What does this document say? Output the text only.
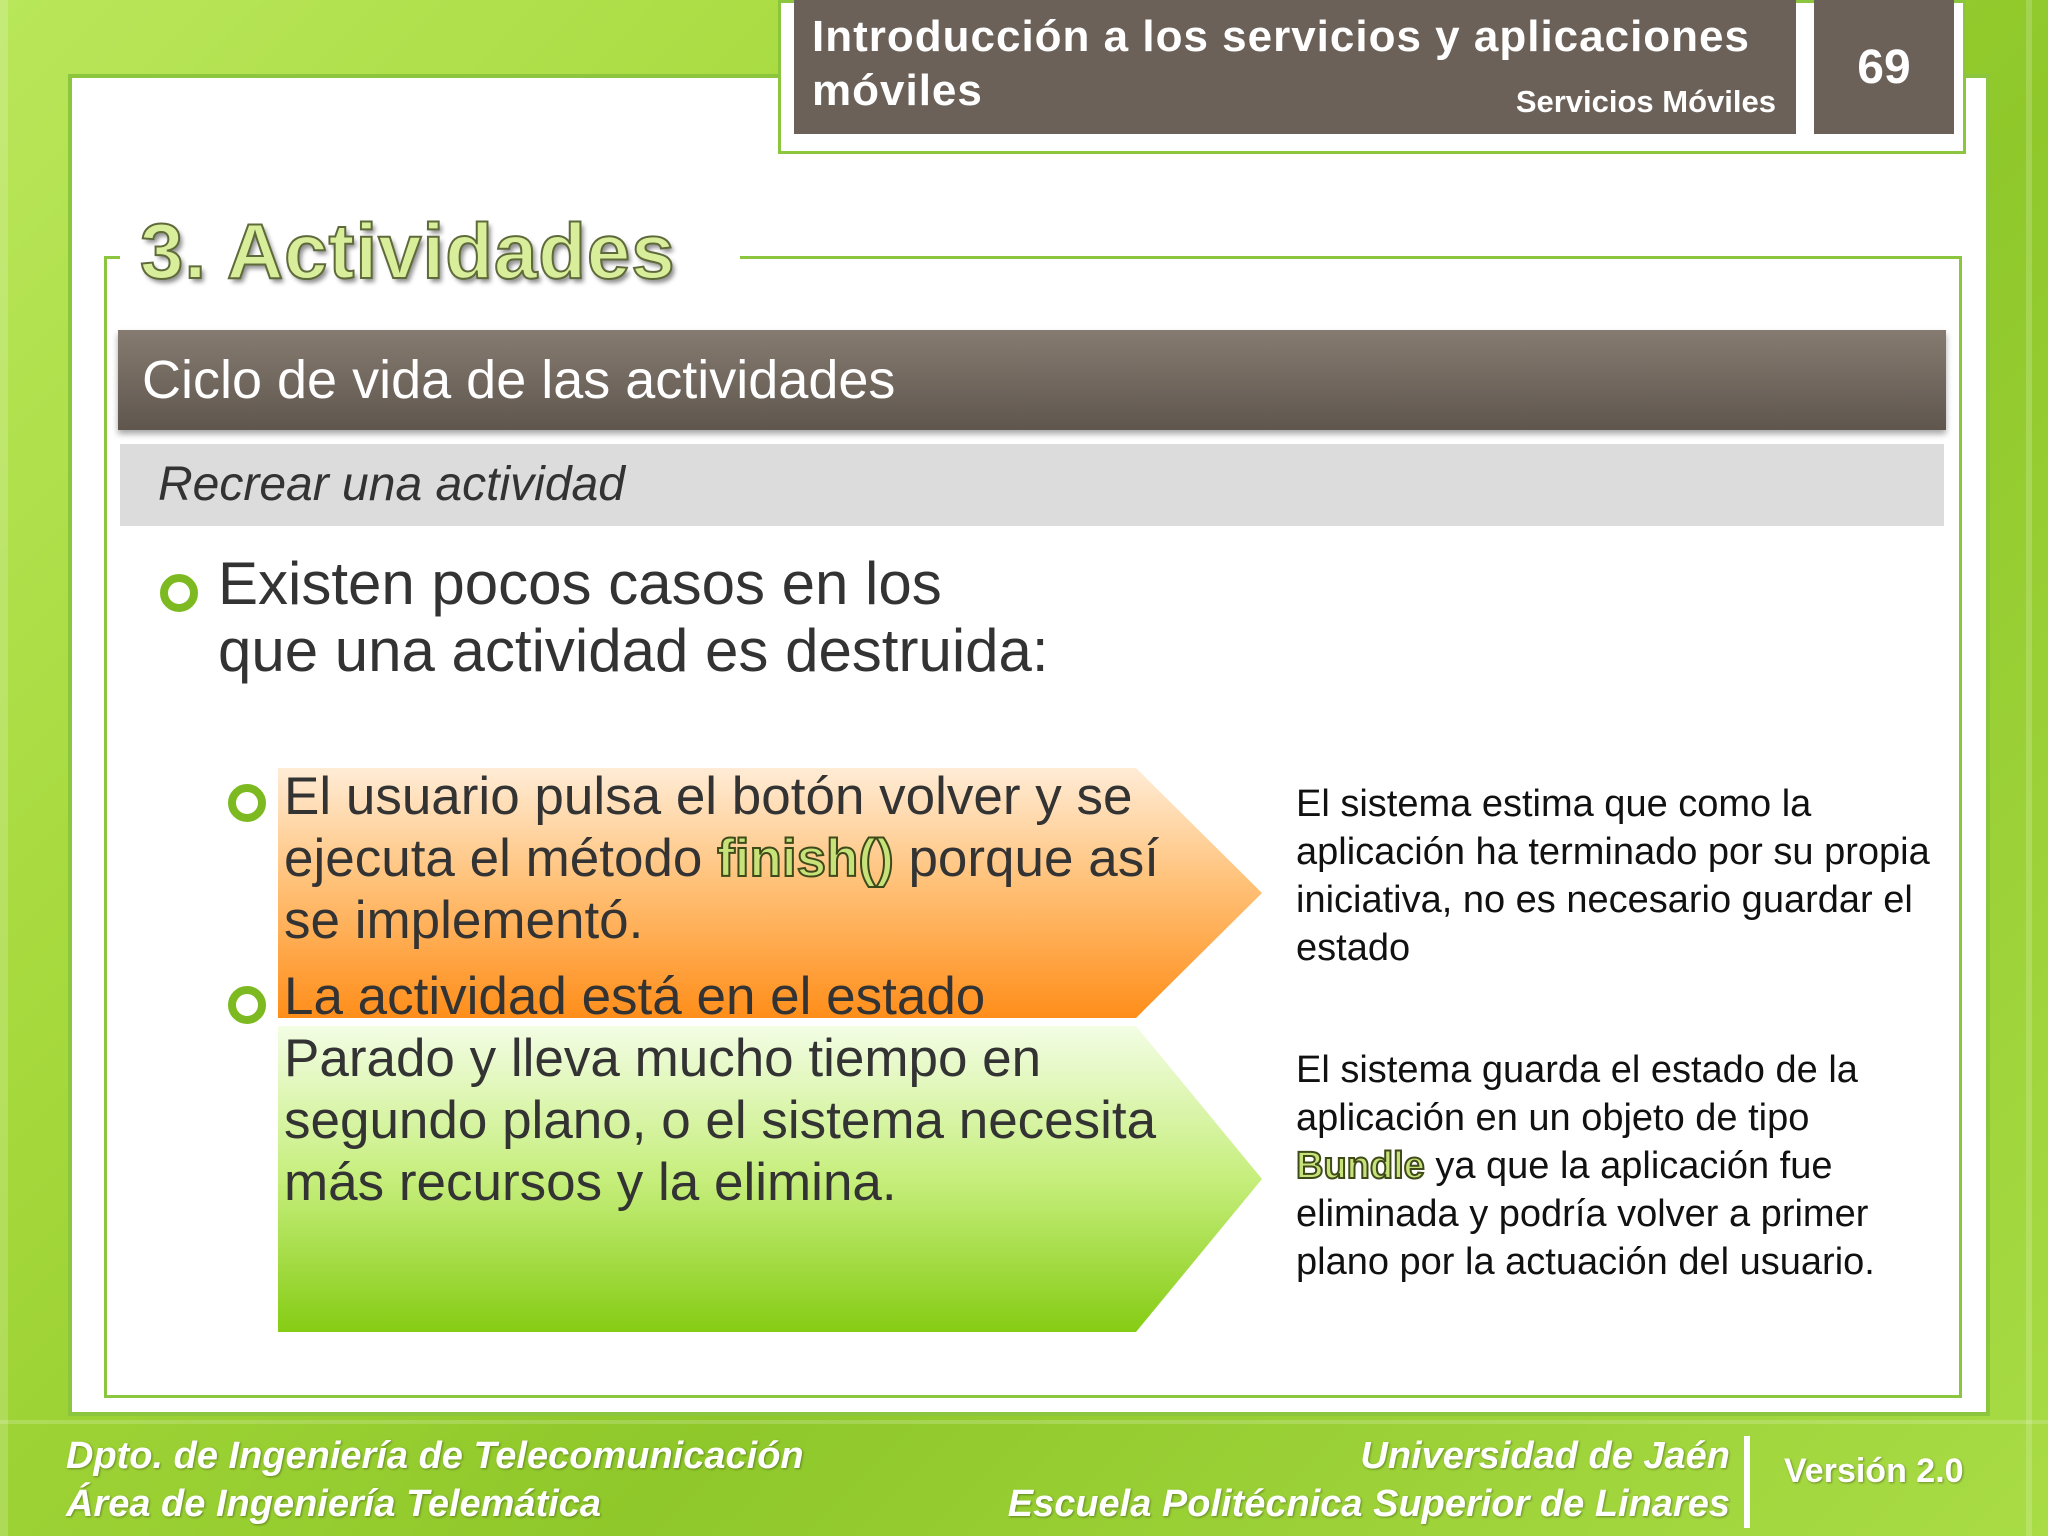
Introducción a los servicios y aplicaciones móviles	Servicios Móviles
69
3. Actividades
Ciclo de vida de las actividades
Recrear una actividad
Existen pocos casos en los que una actividad es destruida:
El usuario pulsa el botón volver y se ejecuta el método finish() porque así se implementó.
La actividad está en el estado Parado y lleva mucho tiempo en segundo plano, o el sistema necesita más recursos y la elimina.
El sistema estima que como la aplicación ha terminado por su propia iniciativa, no es necesario guardar el estado
El sistema guarda el estado de la aplicación en un objeto de tipo Bundle ya que la aplicación fue eliminada y podría volver a primer plano por la actuación del usuario.
Dpto. de Ingeniería de Telecomunicación
Área de Ingeniería Telemática
Universidad de Jaén
Escuela Politécnica Superior de Linares
Versión 2.0
